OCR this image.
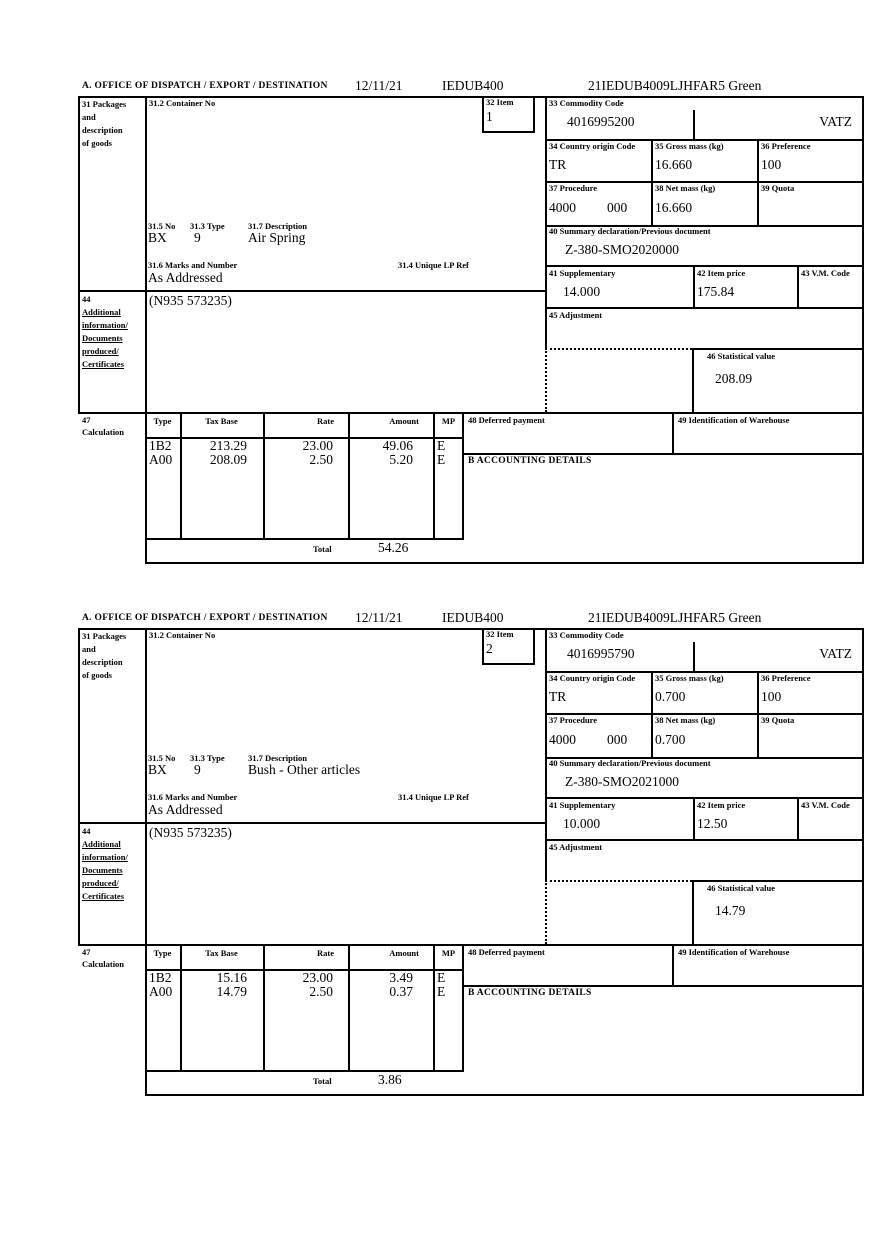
A. OFFICE OF DISPATCH / EXPORT / DESTINATION 12/11/21	IEDUB400	21IEDUB4009LJHFAR5 Green
31 Packages
and
description
of goods
31.2 Container No	32 Item
1
33 Commodity Code
4016995200	VATZ
34 Country origin Code
TR
35 Gross mass (kg)
16.660
36 Preference
100
37 Procedure
4000 000
38 Net mass (kg)
16.660
39 Quota
40 Summary declaration/Previous document
Z-380-SMO2020000
41 Supplementary
14.000
42 Item price
175.84
43 V.M. Code
45 Adjustment
46 Statistical value
208.09
31.5 No 31.3 Type	31.7 Description
BX 9	Air Spring
31.6 Marks and Number	31.4 Unique LP Ref
As Addressed
44
Additional
information/
Documents
produced/
Certificates
(N935 573235)
47
Calculation
Type	Tax Base	Rate	Amount	MP
1B2	213.29	23.00	49.06 E
A00	208.09	2.50	5.20 E
48 Deferred payment	49 Identification of Warehouse
B ACCOUNTING DETAILS
Total	54.26
A. OFFICE OF DISPATCH / EXPORT / DESTINATION 12/11/21	IEDUB400	21IEDUB4009LJHFAR5 Green
31 Packages
and
description
of goods
31.2 Container No	32 Item
2
33 Commodity Code
4016995790	VATZ
34 Country origin Code
TR
35 Gross mass (kg)
0.700
36 Preference
100
37 Procedure
4000 000
38 Net mass (kg)
0.700
39 Quota
40 Summary declaration/Previous document
Z-380-SMO2021000
41 Supplementary
10.000
42 Item price
12.50
43 V.M. Code
45 Adjustment
46 Statistical value
14.79
31.5 No 31.3 Type	31.7 Description
BX 9	Bush - Other articles
31.6 Marks and Number	31.4 Unique LP Ref
As Addressed
44
Additional
information/
Documents
produced/
Certificates
(N935 573235)
47
Calculation
Type	Tax Base	Rate	Amount	MP
1B2	15.16	23.00	3.49 E
A00	14.79	2.50	0.37 E
48 Deferred payment	49 Identification of Warehouse
B ACCOUNTING DETAILS
Total	3.86
